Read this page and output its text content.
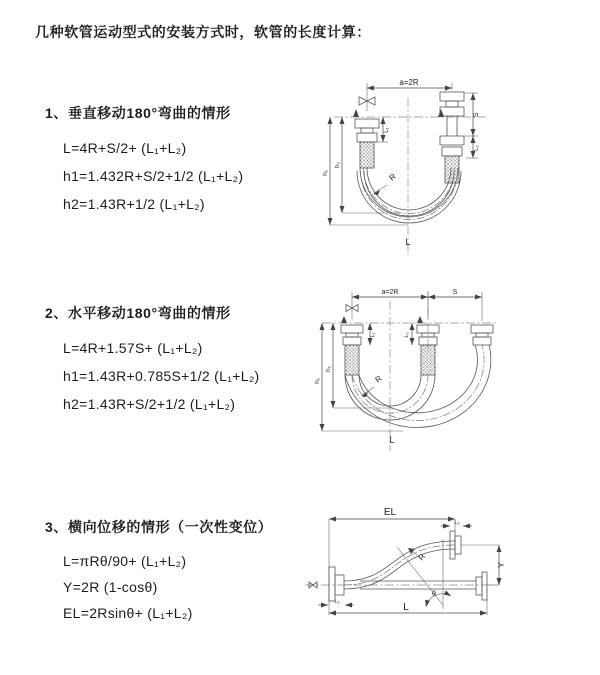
几种软管运动型式的安装方式时，软管的长度计算：
1、垂直移动180°弯曲的情形
L=4R+S/2+ (L₁+L₂)
h1=1.432R+S/2+1/2 (L₁+L₂)
h2=1.43R+1/2 (L₁+L₂)
2、水平移动180°弯曲的情形
L=4R+1.57S+ (L₁+L₂)
h1=1.43R+0.785S+1/2 (L₁+L₂)
h2=1.43R+S/2+1/2 (L₁+L₂)
3、横向位移的情形（一次性变位）
L=πRθ/90+ (L₁+L₂)
Y=2R (1-cosθ)
EL=2Rsinθ+ (L₁+L₂)
a=2R
L₁
S
L₂
h₁
h₂
R
L
a=2R	S
L₁	L₂
h₁
h₂
R
L
EL
L₂
Y
θ
R
L₁	L
